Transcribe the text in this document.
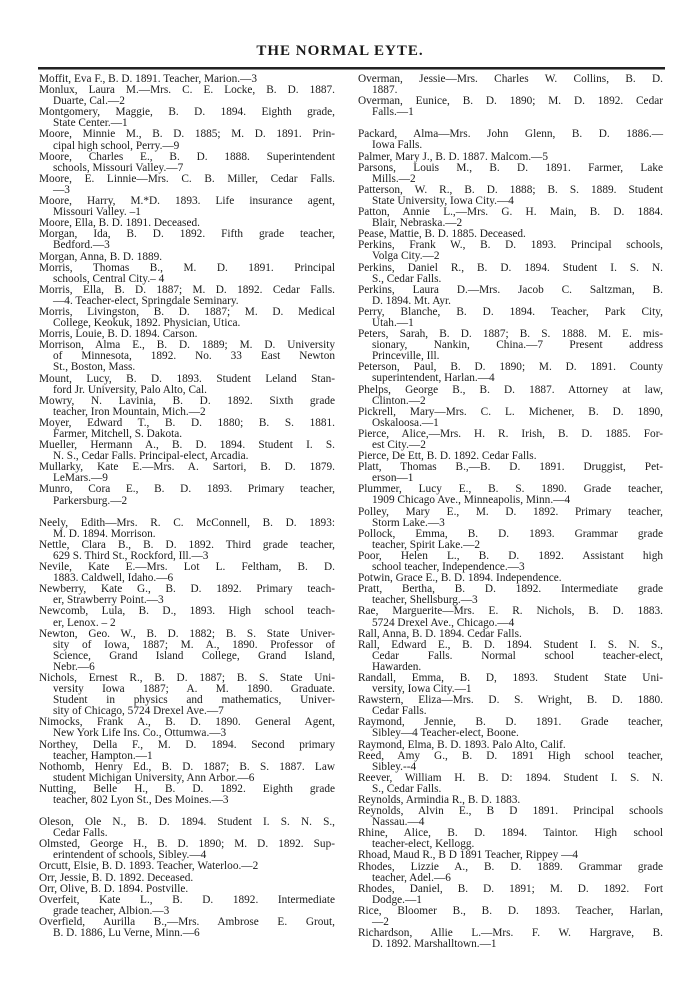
THE NORMAL EYTE.
Moffit, Eva F., B. D. 1891. Teacher, Marion.—3
Monlux, Laura M.—Mrs. C. E. Locke, B. D. 1887.
Duarte, Cal.—2
Montgomery, Maggie, B. D. 1894. Eighth grade,
State Center.—1
Moore, Minnie M., B. D. 1885; M. D. 1891. Prin-
cipal high school, Perry.—9
Moore, Charles E., B. D. 1888. Superintendent
schools, Missouri Valley.—7
Moore, E. Linnie—Mrs. C. B. Miller, Cedar Falls.
—3
Moore, Harry, M.*D. 1893. Life insurance agent,
Missouri Valley. –1
Moore, Ella, B. D. 1891. Deceased.
Morgan, Ida, B. D. 1892. Fifth grade teacher,
Bedford.—3
Morgan, Anna, B. D. 1889.
Morris, Thomas B., M. D. 1891. Principal
schools, Central City.– 4
Morris, Ella, B. D. 1887; M. D. 1892. Cedar Falls.
—4. Teacher-elect, Springdale Seminary.
Morris, Livingston, B. D. 1887; M. D. Medical
College, Keokuk, 1892. Physician, Utica.
Morris, Louie, B. D. 1894. Carson.
Morrison, Alma E., B. D. 1889; M. D. University
of Minnesota, 1892. No. 33 East Newton
St., Boston, Mass.
Mount, Lucy, B. D. 1893. Student Leland Stan-
ford Jr. University, Palo Alto, Cal.
Mowry, N. Lavinia, B. D. 1892. Sixth grade
teacher, Iron Mountain, Mich.—2
Moyer, Edward T., B. D. 1880; B. S. 1881.
Farmer, Mitchell, S. Dakota.
Mueller, Hermann A., B. D. 1894. Student I. S.
N. S., Cedar Falls. Principal-elect, Arcadia.
Mullarky, Kate E.—Mrs. A. Sartori, B. D. 1879.
LeMars.—9
Munro, Cora E., B. D. 1893. Primary teacher,
Parkersburg.—2
Neely, Edith—Mrs. R. C. McConnell, B. D. 1893:
M. D. 1894. Morrison.
Nettle, Clara B., B. D. 1892. Third grade teacher,
629 S. Third St., Rockford, Ill.—3
Nevile, Kate E.—Mrs. Lot L. Feltham, B. D.
1883. Caldwell, Idaho.—6
Newberry, Kate G., B. D. 1892. Primary teach-
er, Strawberry Point.—3
Newcomb, Lula, B. D., 1893. High school teach-
er, Lenox. – 2
Newton, Geo. W., B. D. 1882; B. S. State Univer-
sity of Iowa, 1887; M. A., 1890. Professor of
Science, Grand Island College, Grand Island,
Nebr.—6
Nichols, Ernest R., B. D. 1887; B. S. State Uni-
versity Iowa 1887; A. M. 1890. Graduate.
Student in physics and mathematics, Univer-
sity of Chicago, 5724 Drexel Ave.—7
Nimocks, Frank A., B. D. 1890. General Agent,
New York Life Ins. Co., Ottumwa.—3
Northey, Della F., M. D. 1894. Second primary
teacher, Hampton.—1
Nothomb, Henry Ed., B. D. 1887; B. S. 1887. Law
student Michigan University, Ann Arbor.—6
Nutting, Belle H., B. D. 1892. Eighth grade
teacher, 802 Lyon St., Des Moines.—3
Oleson, Ole N., B. D. 1894. Student I. S. N. S.,
Cedar Falls.
Olmsted, George H., B. D. 1890; M. D. 1892. Sup-
erintendent of schools, Sibley.—4
Orcutt, Elsie, B. D. 1893. Teacher, Waterloo.—2
Orr, Jessie, B. D. 1892. Deceased.
Orr, Olive, B. D. 1894. Postville.
Overfeit, Kate L., B. D. 1892. Intermediate
grade teacher, Albion.—3
Overfield, Aurilla B.,—Mrs. Ambrose E. Grout,
B. D. 1886, Lu Verne, Minn.—6
Overman, Jessie—Mrs. Charles W. Collins, B. D.
1887.
Overman, Eunice, B. D. 1890; M. D. 1892. Cedar
Falls.—1
Packard, Alma—Mrs. John Glenn, B. D. 1886.—
Iowa Falls.
Palmer, Mary J., B. D. 1887. Malcom.—5
Parsons, Louis M., B. D. 1891. Farmer, Lake
Mills.—2
Patterson, W. R., B. D. 1888; B. S. 1889. Student
State University, Iowa City.—4
Patton, Annie L.,—Mrs. G. H. Main, B. D. 1884.
Blair, Nebraska.—2
Pease, Mattie, B. D. 1885. Deceased.
Perkins, Frank W., B. D. 1893. Principal schools,
Volga City.—2
Perkins, Daniel R., B. D. 1894. Student I. S. N.
S., Cedar Falls.
Perkins, Laura D.—Mrs. Jacob C. Saltzman, B.
D. 1894. Mt. Ayr.
Perry, Blanche, B. D. 1894. Teacher, Park City,
Utah.—1
Peters, Sarah, B. D. 1887; B. S. 1888. M. E. mis-
sionary, Nankin, China.—7 Present address
Princeville, Ill.
Peterson, Paul, B. D. 1890; M. D. 1891. County
superintendent, Harlan.—4
Phelps, George B., B. D. 1887. Attorney at law,
Clinton.—2
Pickrell, Mary—Mrs. C. L. Michener, B. D. 1890,
Oskaloosa.—1
Pierce, Alice,—Mrs. H. R. Irish, B. D. 1885. For-
est City.—2
Pierce, De Ett, B. D. 1892. Cedar Falls.
Platt, Thomas B.,—B. D. 1891. Druggist, Pet-
erson—1
Plummer, Lucy E., B. S. 1890. Grade teacher,
1909 Chicago Ave., Minneapolis, Minn.—4
Polley, Mary E., M. D. 1892. Primary teacher,
Storm Lake.—3
Pollock, Emma, B. D. 1893. Grammar grade
teacher, Spirit Lake.—2
Poor, Helen L., B. D. 1892. Assistant high
school teacher, Independence.—3
Potwin, Grace E., B. D. 1894. Independence.
Pratt, Bertha, B. D. 1892. Intermediate grade
teacher, Shellsburg.—3
Rae, Marguerite—Mrs. E. R. Nichols, B. D. 1883.
5724 Drexel Ave., Chicago.—4
Rall, Anna, B. D. 1894. Cedar Falls.
Rall, Edward E., B. D. 1894. Student I. S. N. S.,
Cedar Falls. Normal school teacher-elect,
Hawarden.
Randall, Emma, B. D, 1893. Student State Uni-
versity, Iowa City.—1
Rawstern, Eliza—Mrs. D. S. Wright, B. D. 1880.
Cedar Falls.
Raymond, Jennie, B. D. 1891. Grade teacher,
Sibley—4 Teacher-elect, Boone.
Raymond, Elma, B. D. 1893. Palo Alto, Calif.
Reed, Amy G., B. D. 1891 High school teacher,
Sibley.--4
Reever, William H. B. D: 1894. Student I. S. N.
S., Cedar Falls.
Reynolds, Armindia R., B. D. 1883.
Reynolds, Alvin E., B D 1891. Principal schools
Nassau.—4
Rhine, Alice, B. D. 1894. Taintor. High school
teacher-elect, Kellogg.
Rhoad, Maud R., B D 1891 Teacher, Rippey —4
Rhodes, Lizzie A., B. D. 1889. Grammar grade
teacher, Adel.—6
Rhodes, Daniel, B. D. 1891; M. D. 1892. Fort
Dodge.—1
Rice, Bloomer B., B. D. 1893. Teacher, Harlan,
—2
Richardson, Allie L.—Mrs. F. W. Hargrave, B.
D. 1892. Marshalltown.—1
